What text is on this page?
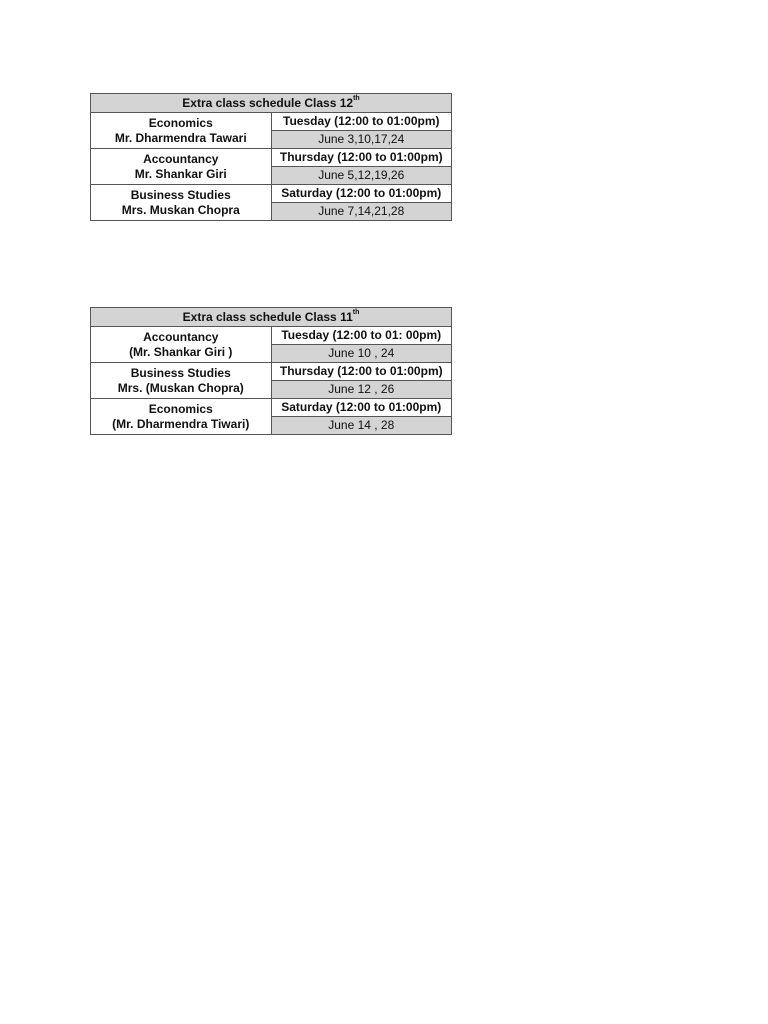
Extra class schedule Class 12th

Economics
Mr. Dharmendra Tawari	Tuesday (12:00 to 01:00pm)
	June 3,10,17,24

Accountancy
Mr. Shankar Giri	Thursday (12:00 to 01:00pm)
	June 5,12,19,26

Business Studies
Mrs. Muskan Chopra	Saturday (12:00 to 01:00pm)
	June 7,14,21,28
Extra class schedule Class 11th

Accountancy
(Mr. Shankar Giri )	Tuesday (12:00 to 01: 00pm)
	June 10 , 24

Business Studies
Mrs. (Muskan Chopra)	Thursday (12:00 to 01:00pm)
	June 12 , 26

Economics
(Mr. Dharmendra Tiwari)	Saturday (12:00 to 01:00pm)
	June 14 , 28
